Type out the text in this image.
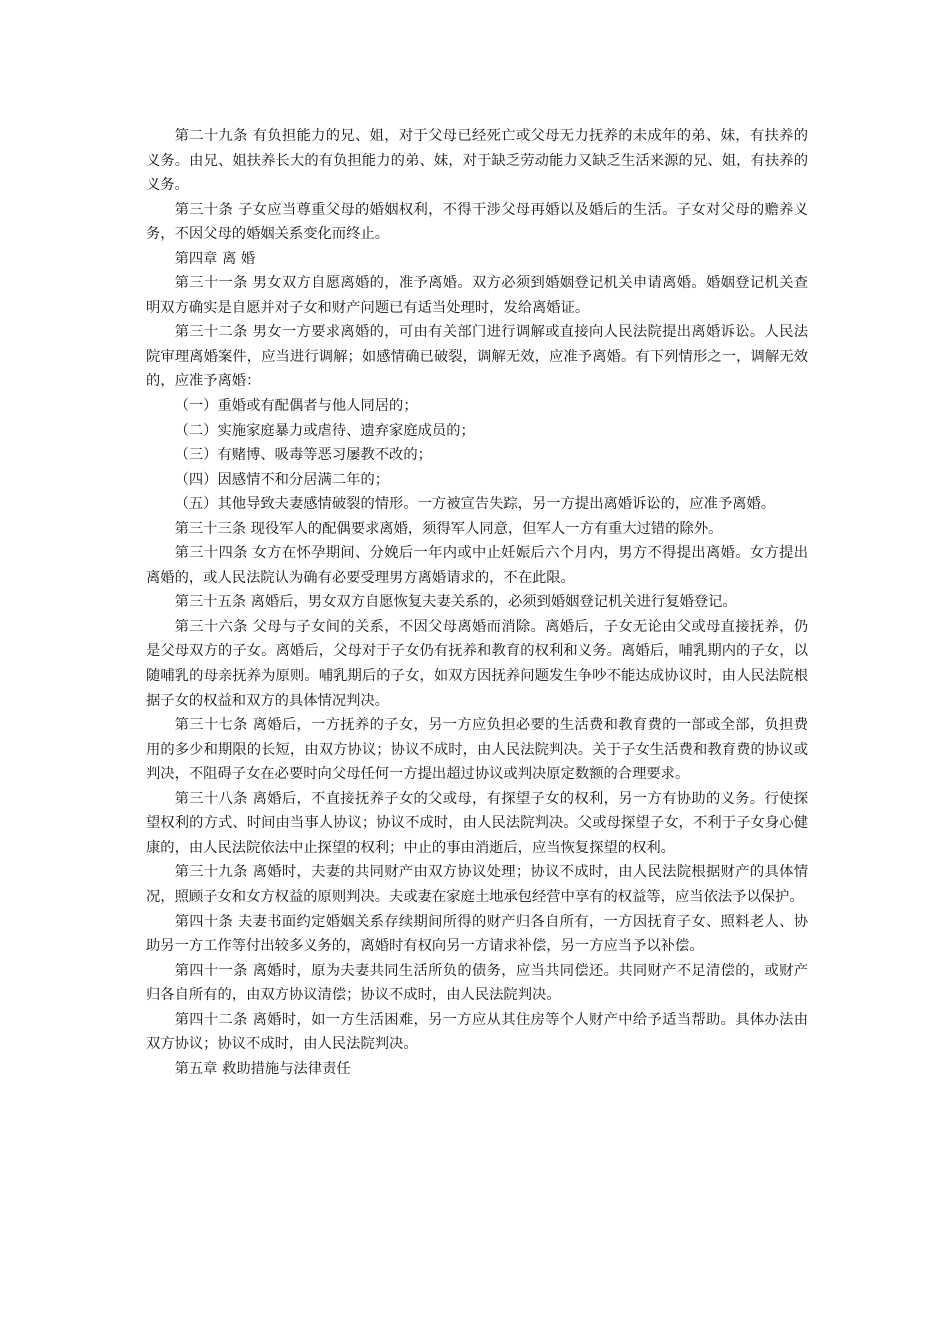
第二十九条 有负担能力的兄、姐，对于父母已经死亡或父母无力抚养的未成年的弟、妹，有扶养的义务。由兄、姐扶养长大的有负担能力的弟、妹，对于缺乏劳动能力又缺乏生活来源的兄、姐，有扶养的义务。

第三十条 子女应当尊重父母的婚姻权利，不得干涉父母再婚以及婚后的生活。子女对父母的赡养义务，不因父母的婚姻关系变化而终止。

第四章 离 婚

第三十一条 男女双方自愿离婚的，准予离婚。双方必须到婚姻登记机关申请离婚。婚姻登记机关查明双方确实是自愿并对子女和财产问题已有适当处理时，发给离婚证。

第三十二条 男女一方要求离婚的，可由有关部门进行调解或直接向人民法院提出离婚诉讼。人民法院审理离婚案件，应当进行调解；如感情确已破裂，调解无效，应准予离婚。有下列情形之一，调解无效的，应准予离婚：

（一）重婚或有配偶者与他人同居的；

（二）实施家庭暴力或虐待、遗弃家庭成员的；

（三）有赌博、吸毒等恶习屡教不改的；

（四）因感情不和分居满二年的；

（五）其他导致夫妻感情破裂的情形。一方被宣告失踪，另一方提出离婚诉讼的，应准予离婚。

第三十三条 现役军人的配偶要求离婚，须得军人同意，但军人一方有重大过错的除外。

第三十四条 女方在怀孕期间、分娩后一年内或中止妊娠后六个月内，男方不得提出离婚。女方提出离婚的，或人民法院认为确有必要受理男方离婚请求的，不在此限。

第三十五条 离婚后，男女双方自愿恢复夫妻关系的，必须到婚姻登记机关进行复婚登记。

第三十六条 父母与子女间的关系，不因父母离婚而消除。离婚后，子女无论由父或母直接抚养，仍是父母双方的子女。离婚后，父母对于子女仍有抚养和教育的权利和义务。离婚后，哺乳期内的子女，以随哺乳的母亲抚养为原则。哺乳期后的子女，如双方因抚养问题发生争吵不能达成协议时，由人民法院根据子女的权益和双方的具体情况判决。

第三十七条 离婚后，一方抚养的子女，另一方应负担必要的生活费和教育费的一部或全部，负担费用的多少和期限的长短，由双方协议；协议不成时，由人民法院判决。关于子女生活费和教育费的协议或判决，不阻碍子女在必要时向父母任何一方提出超过协议或判决原定数额的合理要求。

第三十八条 离婚后，不直接抚养子女的父或母，有探望子女的权利，另一方有协助的义务。行使探望权利的方式、时间由当事人协议；协议不成时，由人民法院判决。父或母探望子女，不利于子女身心健康的，由人民法院依法中止探望的权利；中止的事由消逝后，应当恢复探望的权利。

第三十九条 离婚时，夫妻的共同财产由双方协议处理；协议不成时，由人民法院根据财产的具体情况，照顾子女和女方权益的原则判决。夫或妻在家庭土地承包经营中享有的权益等，应当依法予以保护。

第四十条 夫妻书面约定婚姻关系存续期间所得的财产归各自所有，一方因抚育子女、照料老人、协助另一方工作等付出较多义务的，离婚时有权向另一方请求补偿，另一方应当予以补偿。

第四十一条 离婚时，原为夫妻共同生活所负的债务，应当共同偿还。共同财产不足清偿的，或财产归各自所有的，由双方协议清偿；协议不成时，由人民法院判决。

第四十二条 离婚时，如一方生活困难，另一方应从其住房等个人财产中给予适当帮助。具体办法由双方协议；协议不成时，由人民法院判决。

第五章 救助措施与法律责任
